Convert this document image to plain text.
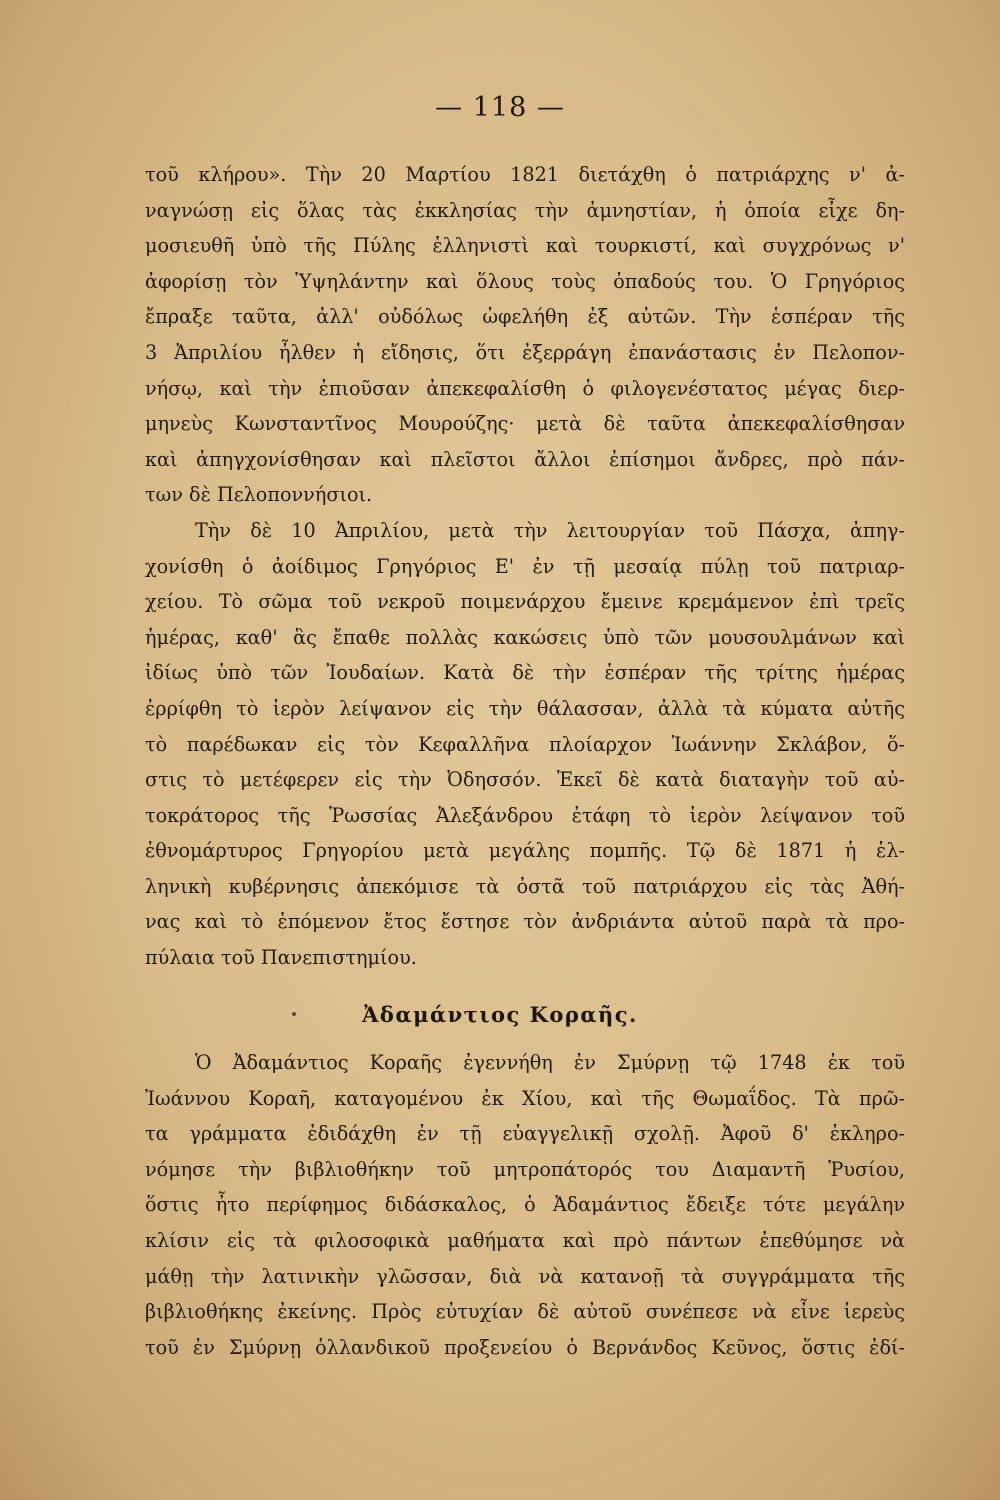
— 118 —
τοῦ κλήρου». Τὴν 20 Μαρτίου 1821 διετάχθη ὁ πατριάρχης ν' ἀ-
ναγνώσῃ εἰς ὅλας τὰς ἐκκλησίας τὴν ἀμνηστίαν, ἡ ὁποία εἶχε δη-
μοσιευθῆ ὑπὸ τῆς Πύλης ἑλληνιστὶ καὶ τουρκιστί, καὶ συγχρόνως ν'
ἀφορίσῃ τὸν Ὑψηλάντην καὶ ὅλους τοὺς ὀπαδούς του. Ὁ Γρηγόριος
ἔπραξε ταῦτα, ἀλλ' οὐδόλως ὠφελήθη ἐξ αὐτῶν. Τὴν ἑσπέραν τῆς
3 Ἀπριλίου ἦλθεν ἡ εἴδησις, ὅτι ἐξερράγη ἐπανάστασις ἐν Πελοπον-
νήσῳ, καὶ τὴν ἐπιοῦσαν ἀπεκεφαλίσθη ὁ φιλογενέστατος μέγας διερ-
μηνεὺς Κωνσταντῖνος Μουρούζης· μετὰ δὲ ταῦτα ἀπεκεφαλίσθησαν
καὶ ἀπηγχονίσθησαν καὶ πλεῖστοι ἄλλοι ἐπίσημοι ἄνδρες, πρὸ πάν-
των δὲ Πελοποννήσιοι.
Τὴν δὲ 10 Ἀπριλίου, μετὰ τὴν λειτουργίαν τοῦ Πάσχα, ἀπηγ-
χονίσθη ὁ ἀοίδιμος Γρηγόριος Ε' ἐν τῇ μεσαίᾳ πύλῃ τοῦ πατριαρ-
χείου. Τὸ σῶμα τοῦ νεκροῦ ποιμενάρχου ἔμεινε κρεμάμενον ἐπὶ τρεῖς
ἡμέρας, καθ' ἃς ἔπαθε πολλὰς κακώσεις ὑπὸ τῶν μουσουλμάνων καὶ
ἰδίως ὑπὸ τῶν Ἰουδαίων. Κατὰ δὲ τὴν ἑσπέραν τῆς τρίτης ἡμέρας
ἐρρίφθη τὸ ἱερὸν λείψανον εἰς τὴν θάλασσαν, ἀλλὰ τὰ κύματα αὐτῆς
τὸ παρέδωκαν εἰς τὸν Κεφαλλῆνα πλοίαρχον Ἰωάννην Σκλάβον, ὅ-
στις τὸ μετέφερεν εἰς τὴν Ὀδησσόν. Ἐκεῖ δὲ κατὰ διαταγὴν τοῦ αὐ-
τοκράτορος τῆς Ῥωσσίας Ἀλεξάνδρου ἐτάφη τὸ ἱερὸν λείψανον τοῦ
ἐθνομάρτυρος Γρηγορίου μετὰ μεγάλης πομπῆς. Τῷ δὲ 1871 ἡ ἑλ-
ληνικὴ κυβέρνησις ἀπεκόμισε τὰ ὀστᾶ τοῦ πατριάρχου εἰς τὰς Ἀθή-
νας καὶ τὸ ἑπόμενον ἔτος ἔστησε τὸν ἀνδριάντα αὐτοῦ παρὰ τὰ προ-
πύλαια τοῦ Πανεπιστημίου.
Ἀδαμάντιος Κοραῆς.
Ὁ Ἀδαμάντιος Κοραῆς ἐγεννήθη ἐν Σμύρνῃ τῷ 1748 ἐκ τοῦ
Ἰωάννου Κοραῆ, καταγομένου ἐκ Χίου, καὶ τῆς Θωμαΐδος. Τὰ πρῶ-
τα γράμματα ἐδιδάχθη ἐν τῇ εὐαγγελικῇ σχολῇ. Ἀφοῦ δ' ἐκληρο-
νόμησε τὴν βιβλιοθήκην τοῦ μητροπάτορός του Διαμαντῆ Ῥυσίου,
ὅστις ἦτο περίφημος διδάσκαλος, ὁ Ἀδαμάντιος ἔδειξε τότε μεγάλην
κλίσιν εἰς τὰ φιλοσοφικὰ μαθήματα καὶ πρὸ πάντων ἐπεθύμησε νὰ
μάθῃ τὴν λατινικὴν γλῶσσαν, διὰ νὰ κατανοῇ τὰ συγγράμματα τῆς
βιβλιοθήκης ἐκείνης. Πρὸς εὐτυχίαν δὲ αὐτοῦ συνέπεσε νὰ εἶνε ἱερεὺς
τοῦ ἐν Σμύρνῃ ὁλλανδικοῦ προξενείου ὁ Βερνάνδος Κεῦνος, ὅστις ἐδί-
